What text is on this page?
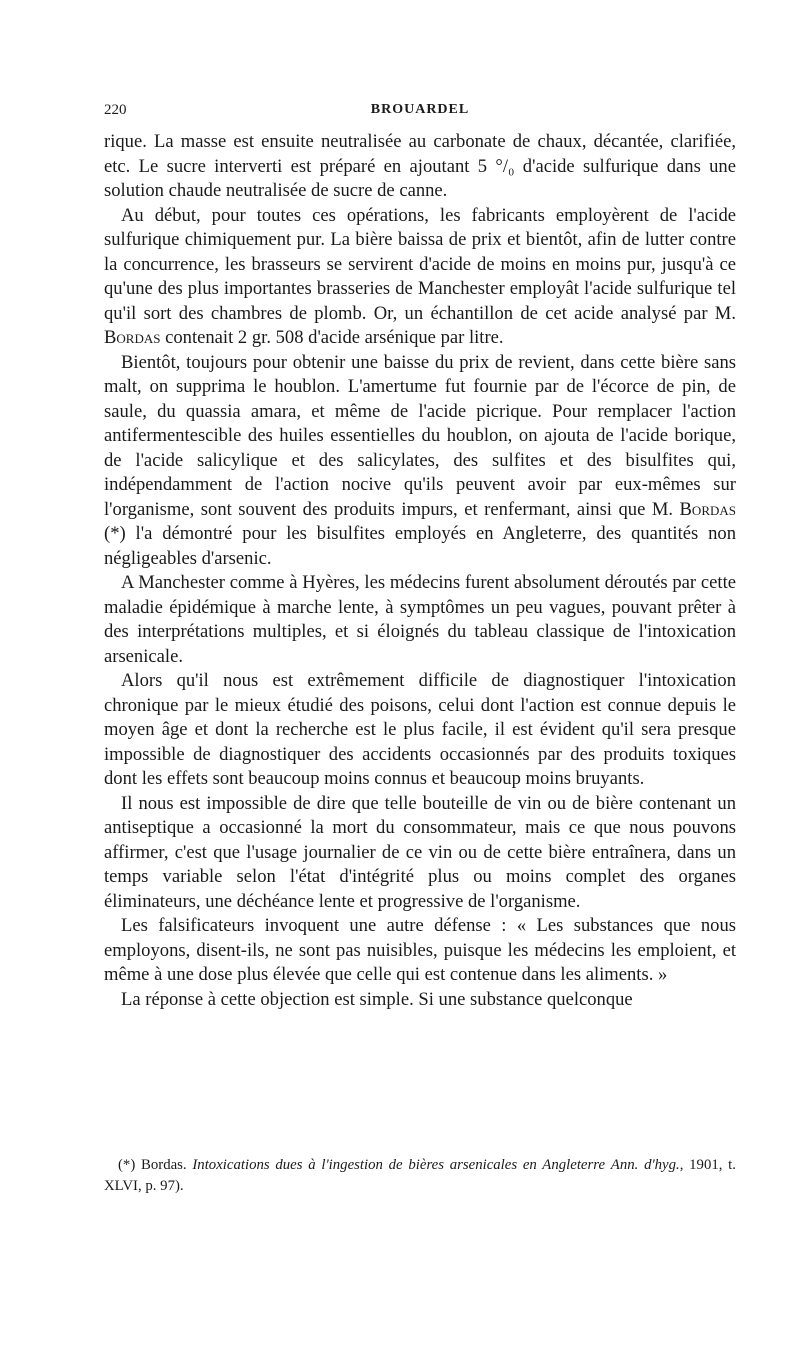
220	BROUARDEL

rique. La masse est ensuite neutralisée au carbonate de chaux, décantée, clarifiée, etc. Le sucre interverti est préparé en ajoutant 5 °/₀ d'acide sulfurique dans une solution chaude neutralisée de sucre de canne.

Au début, pour toutes ces opérations, les fabricants employèrent de l'acide sulfurique chimiquement pur. La bière baissa de prix et bientôt, afin de lutter contre la concurrence, les brasseurs se servirent d'acide de moins en moins pur, jusqu'à ce qu'une des plus importantes brasseries de Manchester employât l'acide sulfurique tel qu'il sort des chambres de plomb. Or, un échantillon de cet acide analysé par M. Bordas contenait 2 gr. 508 d'acide arsénique par litre.

Bientôt, toujours pour obtenir une baisse du prix de revient, dans cette bière sans malt, on supprima le houblon. L'amertume fut fournie par de l'écorce de pin, de saule, du quassia amara, et même de l'acide picrique. Pour remplacer l'action antifermentescible des huiles essentielles du houblon, on ajouta de l'acide borique, de l'acide salicylique et des salicylates, des sulfites et des bisulfites qui, indépendamment de l'action nocive qu'ils peuvent avoir par eux-mêmes sur l'organisme, sont souvent des produits impurs, et renfermant, ainsi que M. Bordas (*) l'a démontré pour les bisulfites employés en Angleterre, des quantités non négligeables d'arsenic.

A Manchester comme à Hyères, les médecins furent absolument déroutés par cette maladie épidémique à marche lente, à symptômes un peu vagues, pouvant prêter à des interprétations multiples, et si éloignés du tableau classique de l'intoxication arsenicale.

Alors qu'il nous est extrêmement difficile de diagnostiquer l'intoxication chronique par le mieux étudié des poisons, celui dont l'action est connue depuis le moyen âge et dont la recherche est le plus facile, il est évident qu'il sera presque impossible de diagnostiquer des accidents occasionnés par des produits toxiques dont les effets sont beaucoup moins connus et beaucoup moins bruyants.

Il nous est impossible de dire que telle bouteille de vin ou de bière contenant un antiseptique a occasionné la mort du consommateur, mais ce que nous pouvons affirmer, c'est que l'usage journalier de ce vin ou de cette bière entraînera, dans un temps variable selon l'état d'intégrité plus ou moins complet des organes éliminateurs, une déchéance lente et progressive de l'organisme.

Les falsificateurs invoquent une autre défense : « Les substances que nous employons, disent-ils, ne sont pas nuisibles, puisque les médecins les emploient, et même à une dose plus élevée que celle qui est contenue dans les aliments. »

La réponse à cette objection est simple. Si une substance quelconque

(*) Bordas. Intoxications dues à l'ingestion de bières arsenicales en Angleterre Ann. d'hyg., 1901, t. XLVI, p. 97).
